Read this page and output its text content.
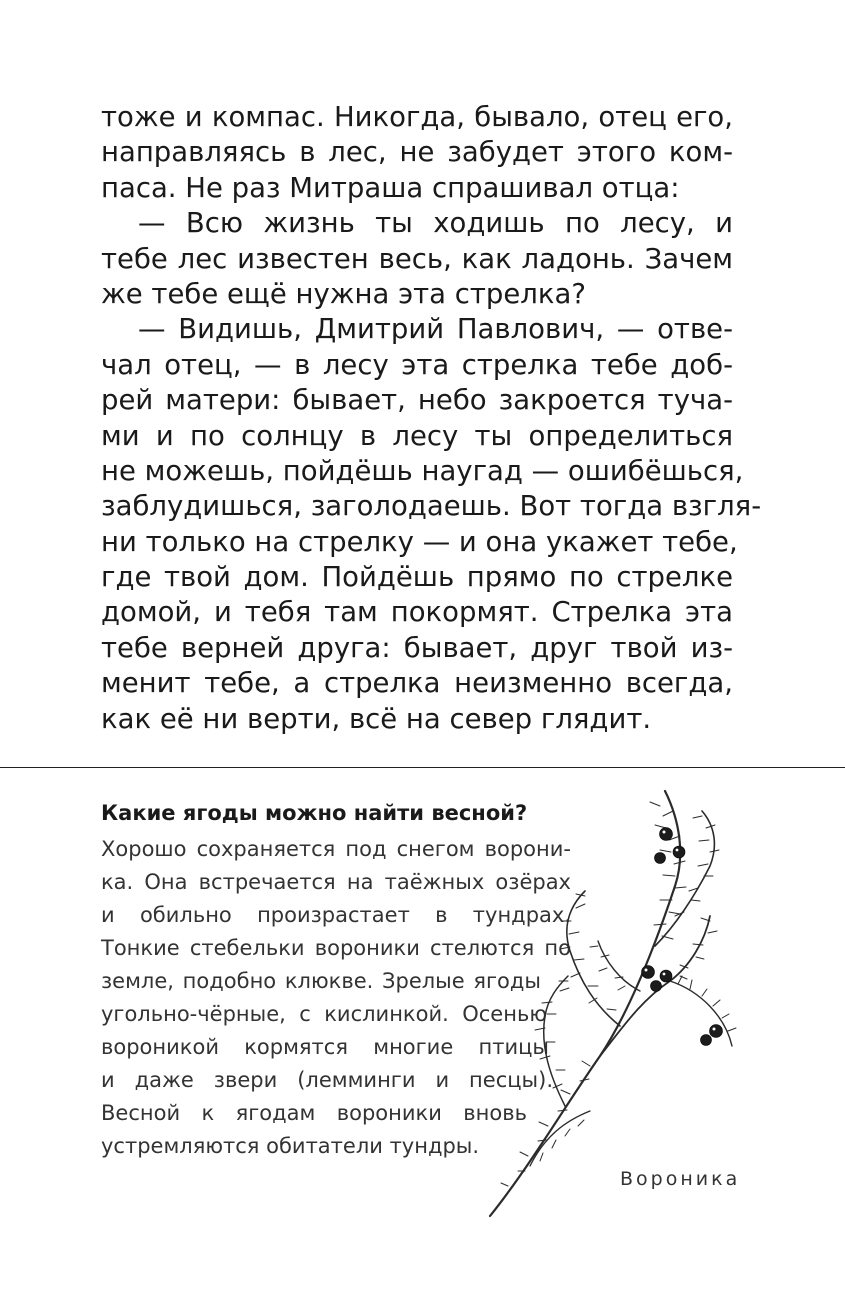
тоже и компас. Никогда, бывало, отец его,
направляясь в лес, не забудет этого ком-
паса. Не раз Митраша спрашивал отца:
— Всю жизнь ты ходишь по лесу, и
тебе лес известен весь, как ладонь. Зачем
же тебе ещё нужна эта стрелка?
— Видишь, Дмитрий Павлович, — отве-
чал отец, — в лесу эта стрелка тебе доб-
рей матери: бывает, небо закроется туча-
ми и по солнцу в лесу ты определиться
не можешь, пойдёшь наугад — ошибёшься,
заблудишься, заголодаешь. Вот тогда взгля-
ни только на стрелку — и она укажет тебе,
где твой дом. Пойдёшь прямо по стрелке
домой, и тебя там покормят. Стрелка эта
тебе верней друга: бывает, друг твой из-
менит тебе, а стрелка неизменно всегда,
как её ни верти, всё на север глядит.
Какие ягоды можно найти весной?
Хорошо сохраняется под снегом ворони-
ка. Она встречается на таёжных озёрах
и обильно произрастает в тундрах.
Тонкие стебельки вороники стелются по
земле, подобно клюкве. Зрелые ягоды
угольно-чёрные, с кислинкой. Осенью
вороникой кормятся многие птицы
и даже звери (лемминги и песцы).
Весной к ягодам вороники вновь
устремляются обитатели тундры.
Вороника
